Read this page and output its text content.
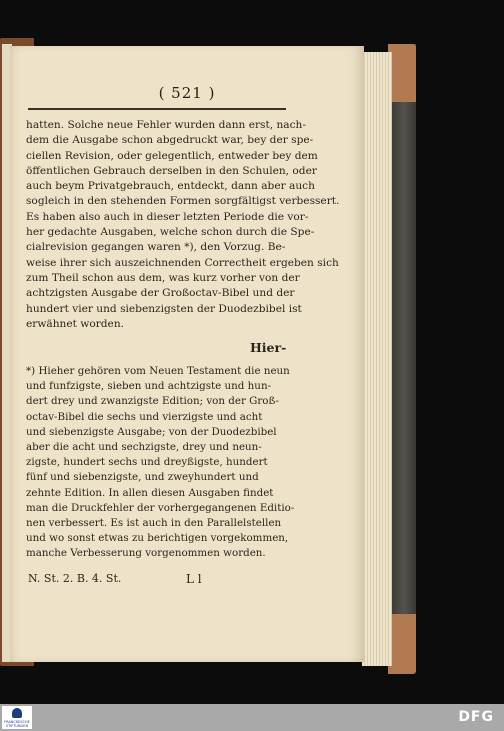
( 521 )
hatten. Solche neue Fehler wurden dann erst, nach-
dem die Ausgabe schon abgedruckt war, bey der spe-
ciellen Revision, oder gelegentlich, entweder bey dem
öffentlichen Gebrauch derselben in den Schulen, oder
auch beym Privatgebrauch, entdeckt, dann aber auch
sogleich in den stehenden Formen sorgfältigst verbessert.
Es haben also auch in dieser letzten Periode die vor-
her gedachte Ausgaben, welche schon durch die Spe-
cialrevision gegangen waren *), den Vorzug. Be-
weise ihrer sich auszeichnenden Correctheit ergeben sich
zum Theil schon aus dem, was kurz vorher von der
achtzigsten Ausgabe der Großoctav-Bibel und der
hundert vier und siebenzigsten der Duodezbibel ist
erwähnet worden.
Hier-
*) Hieher gehören vom Neuen Testament die neun
und funfzigste, sieben und achtzigste und hun-
dert drey und zwanzigste Edition; von der Groß-
octav-Bibel die sechs und vierzigste und acht
und siebenzigste Ausgabe; von der Duodezbibel
aber die acht und sechzigste, drey und neun-
zigste, hundert sechs und dreyßigste, hundert
fünf und siebenzigste, und zweyhundert und
zehnte Edition. In allen diesen Ausgaben findet
man die Druckfehler der vorhergegangenen Editio-
nen verbessert. Es ist auch in den Parallelstellen
und wo sonst etwas zu berichtigen vorgekommen,
manche Verbesserung vorgenommen worden.
N. St. 2. B. 4. St.	L l
FRANCKESCHE STIFTUNGEN
DFG
